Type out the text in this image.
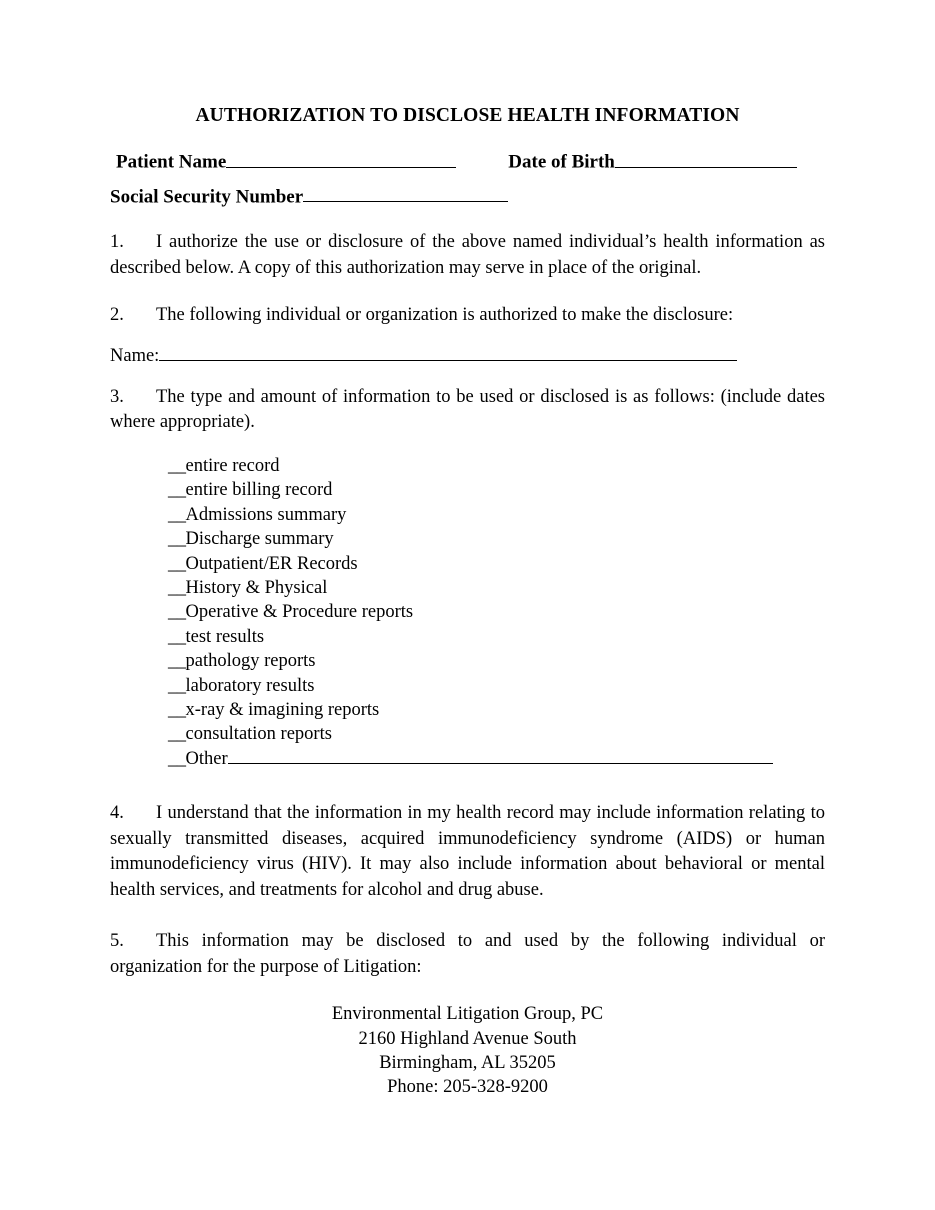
AUTHORIZATION TO DISCLOSE HEALTH INFORMATION
Patient Name	Date of Birth
Social Security Number

1. I authorize the use or disclosure of the above named individual’s health information as described below. A copy of this authorization may serve in place of the original.

2. The following individual or organization is authorized to make the disclosure:

Name:

3. The type and amount of information to be used or disclosed is as follows: (include dates where appropriate).

__entire record
__entire billing record
__Admissions summary
__Discharge summary
__Outpatient/ER Records
__History & Physical
__Operative & Procedure reports
__test results
__pathology reports
__laboratory results
__x-ray & imagining reports
__consultation reports
__Other

4. I understand that the information in my health record may include information relating to sexually transmitted diseases, acquired immunodeficiency syndrome (AIDS) or human immunodeficiency virus (HIV). It may also include information about behavioral or mental health services, and treatments for alcohol and drug abuse.

5. This information may be disclosed to and used by the following individual or organization for the purpose of Litigation:

Environmental Litigation Group, PC
2160 Highland Avenue South
Birmingham, AL 35205
Phone: 205-328-9200
